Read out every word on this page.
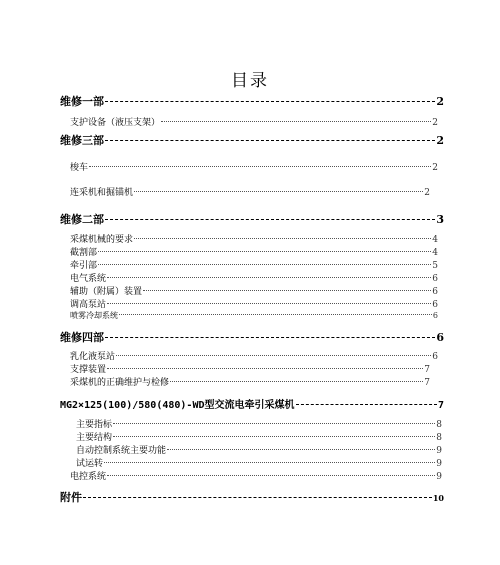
目录
维修一部	2
支护设备（液压支架）	2
维修三部	2
梭车	2
连采机和掘锚机	2
维修二部	3
采煤机械的要求	4
截割部	4
牵引部	5
电气系统	6
辅助（附属）装置	6
调高泵站	6
喷雾冷却系统	6
维修四部	6
乳化液泵站	6
支撑装置	7
采煤机的正确维护与检修	7
MG2×125(100)/580(480)-WD型交流电牵引采煤机	7
主要指标	8
主要结构	8
自动控制系统主要功能	9
试运转	9
电控系统	9
附件	10
